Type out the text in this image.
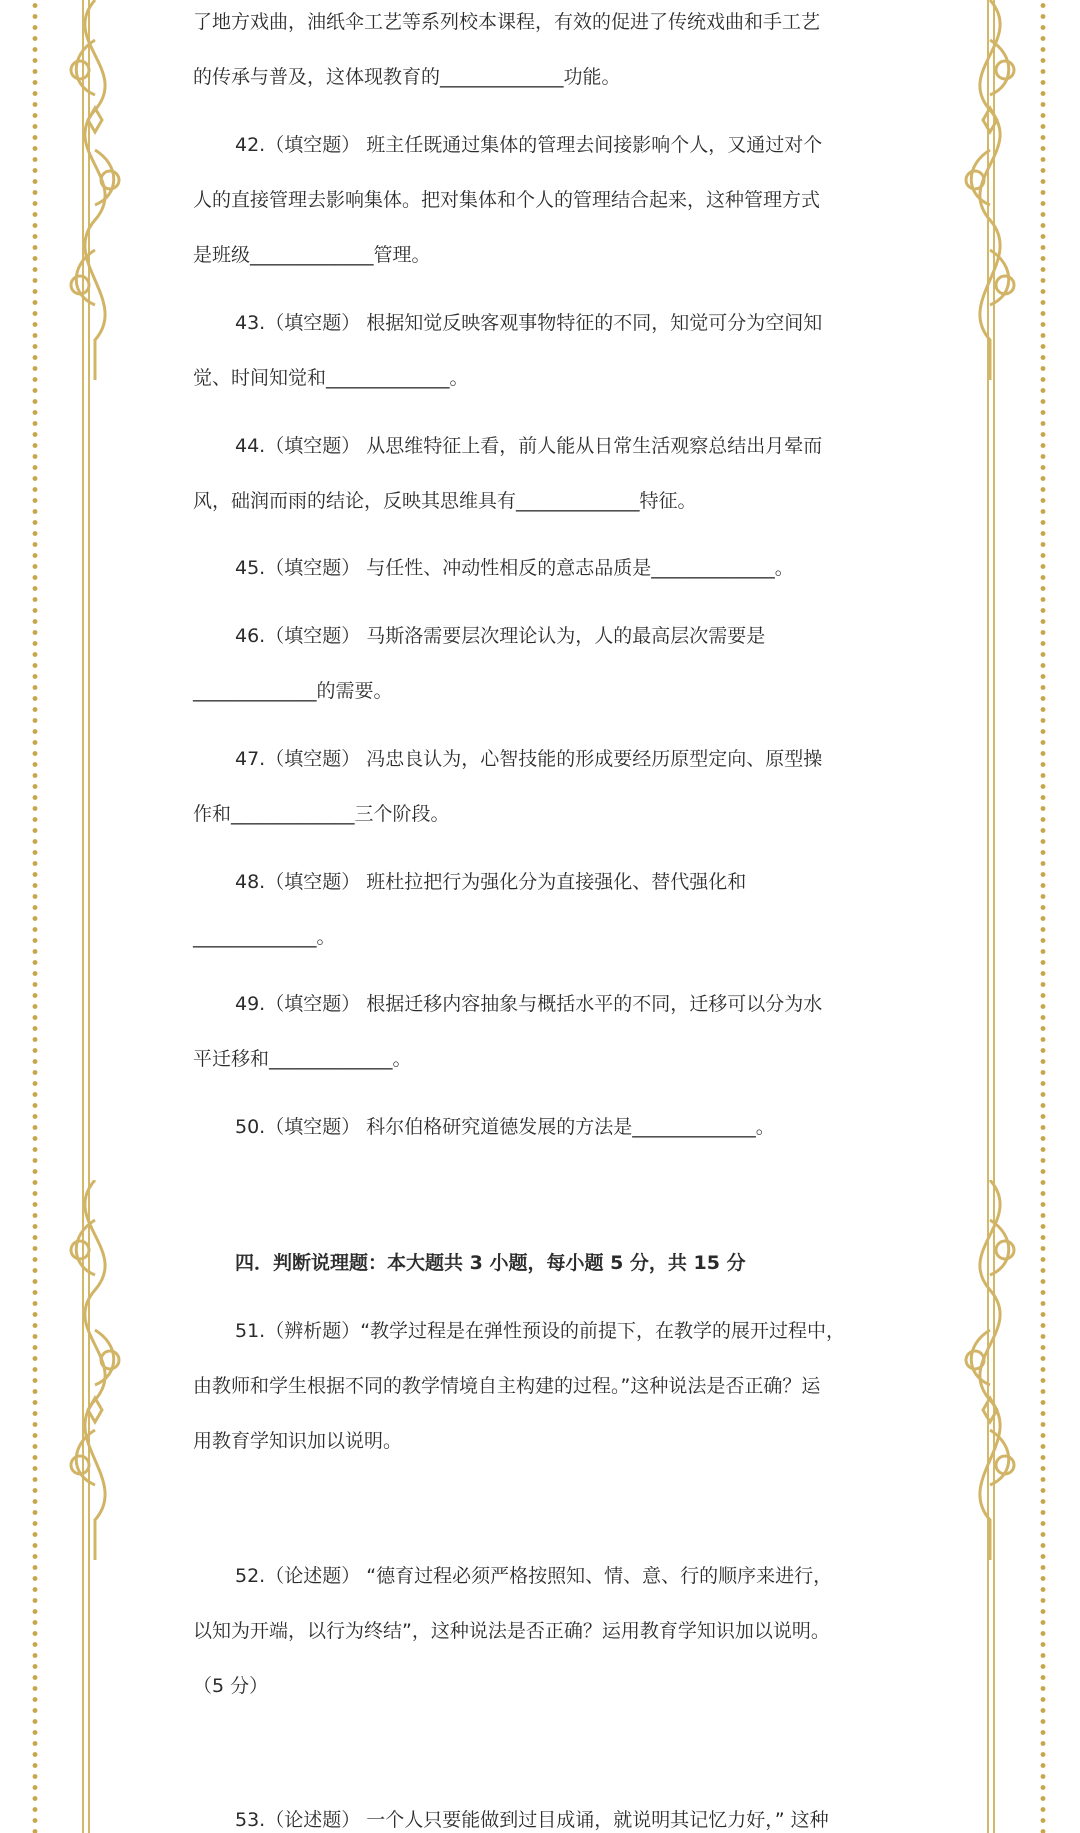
了地方戏曲，油纸伞工艺等系列校本课程，有效的促进了传统戏曲和手工艺
的传承与普及，这体现教育的_____________功能。
42.（填空题） 班主任既通过集体的管理去间接影响个人，又通过对个
人的直接管理去影响集体。把对集体和个人的管理结合起来，这种管理方式
是班级_____________管理。
43.（填空题） 根据知觉反映客观事物特征的不同，知觉可分为空间知
觉、时间知觉和_____________。
44.（填空题） 从思维特征上看，前人能从日常生活观察总结出月晕而
风，础润而雨的结论，反映其思维具有_____________特征。
45.（填空题） 与任性、冲动性相反的意志品质是_____________。
46.（填空题） 马斯洛需要层次理论认为，人的最高层次需要是
_____________的需要。
47.（填空题） 冯忠良认为，心智技能的形成要经历原型定向、原型操
作和_____________三个阶段。
48.（填空题） 班杜拉把行为强化分为直接强化、替代强化和
_____________。
49.（填空题） 根据迁移内容抽象与概括水平的不同，迁移可以分为水
平迁移和_____________。
50.（填空题） 科尔伯格研究道德发展的方法是_____________。
四．判断说理题：本大题共 3 小题，每小题 5 分，共 15 分
51.（辨析题）“教学过程是在弹性预设的前提下，在教学的展开过程中，
由教师和学生根据不同的教学情境自主构建的过程。”这种说法是否正确？运
用教育学知识加以说明。
52.（论述题） “德育过程必须严格按照知、情、意、行的顺序来进行，
以知为开端，以行为终结”，这种说法是否正确？运用教育学知识加以说明。
（5 分）
53.（论述题） 一个人只要能做到过目成诵，就说明其记忆力好，” 这种
